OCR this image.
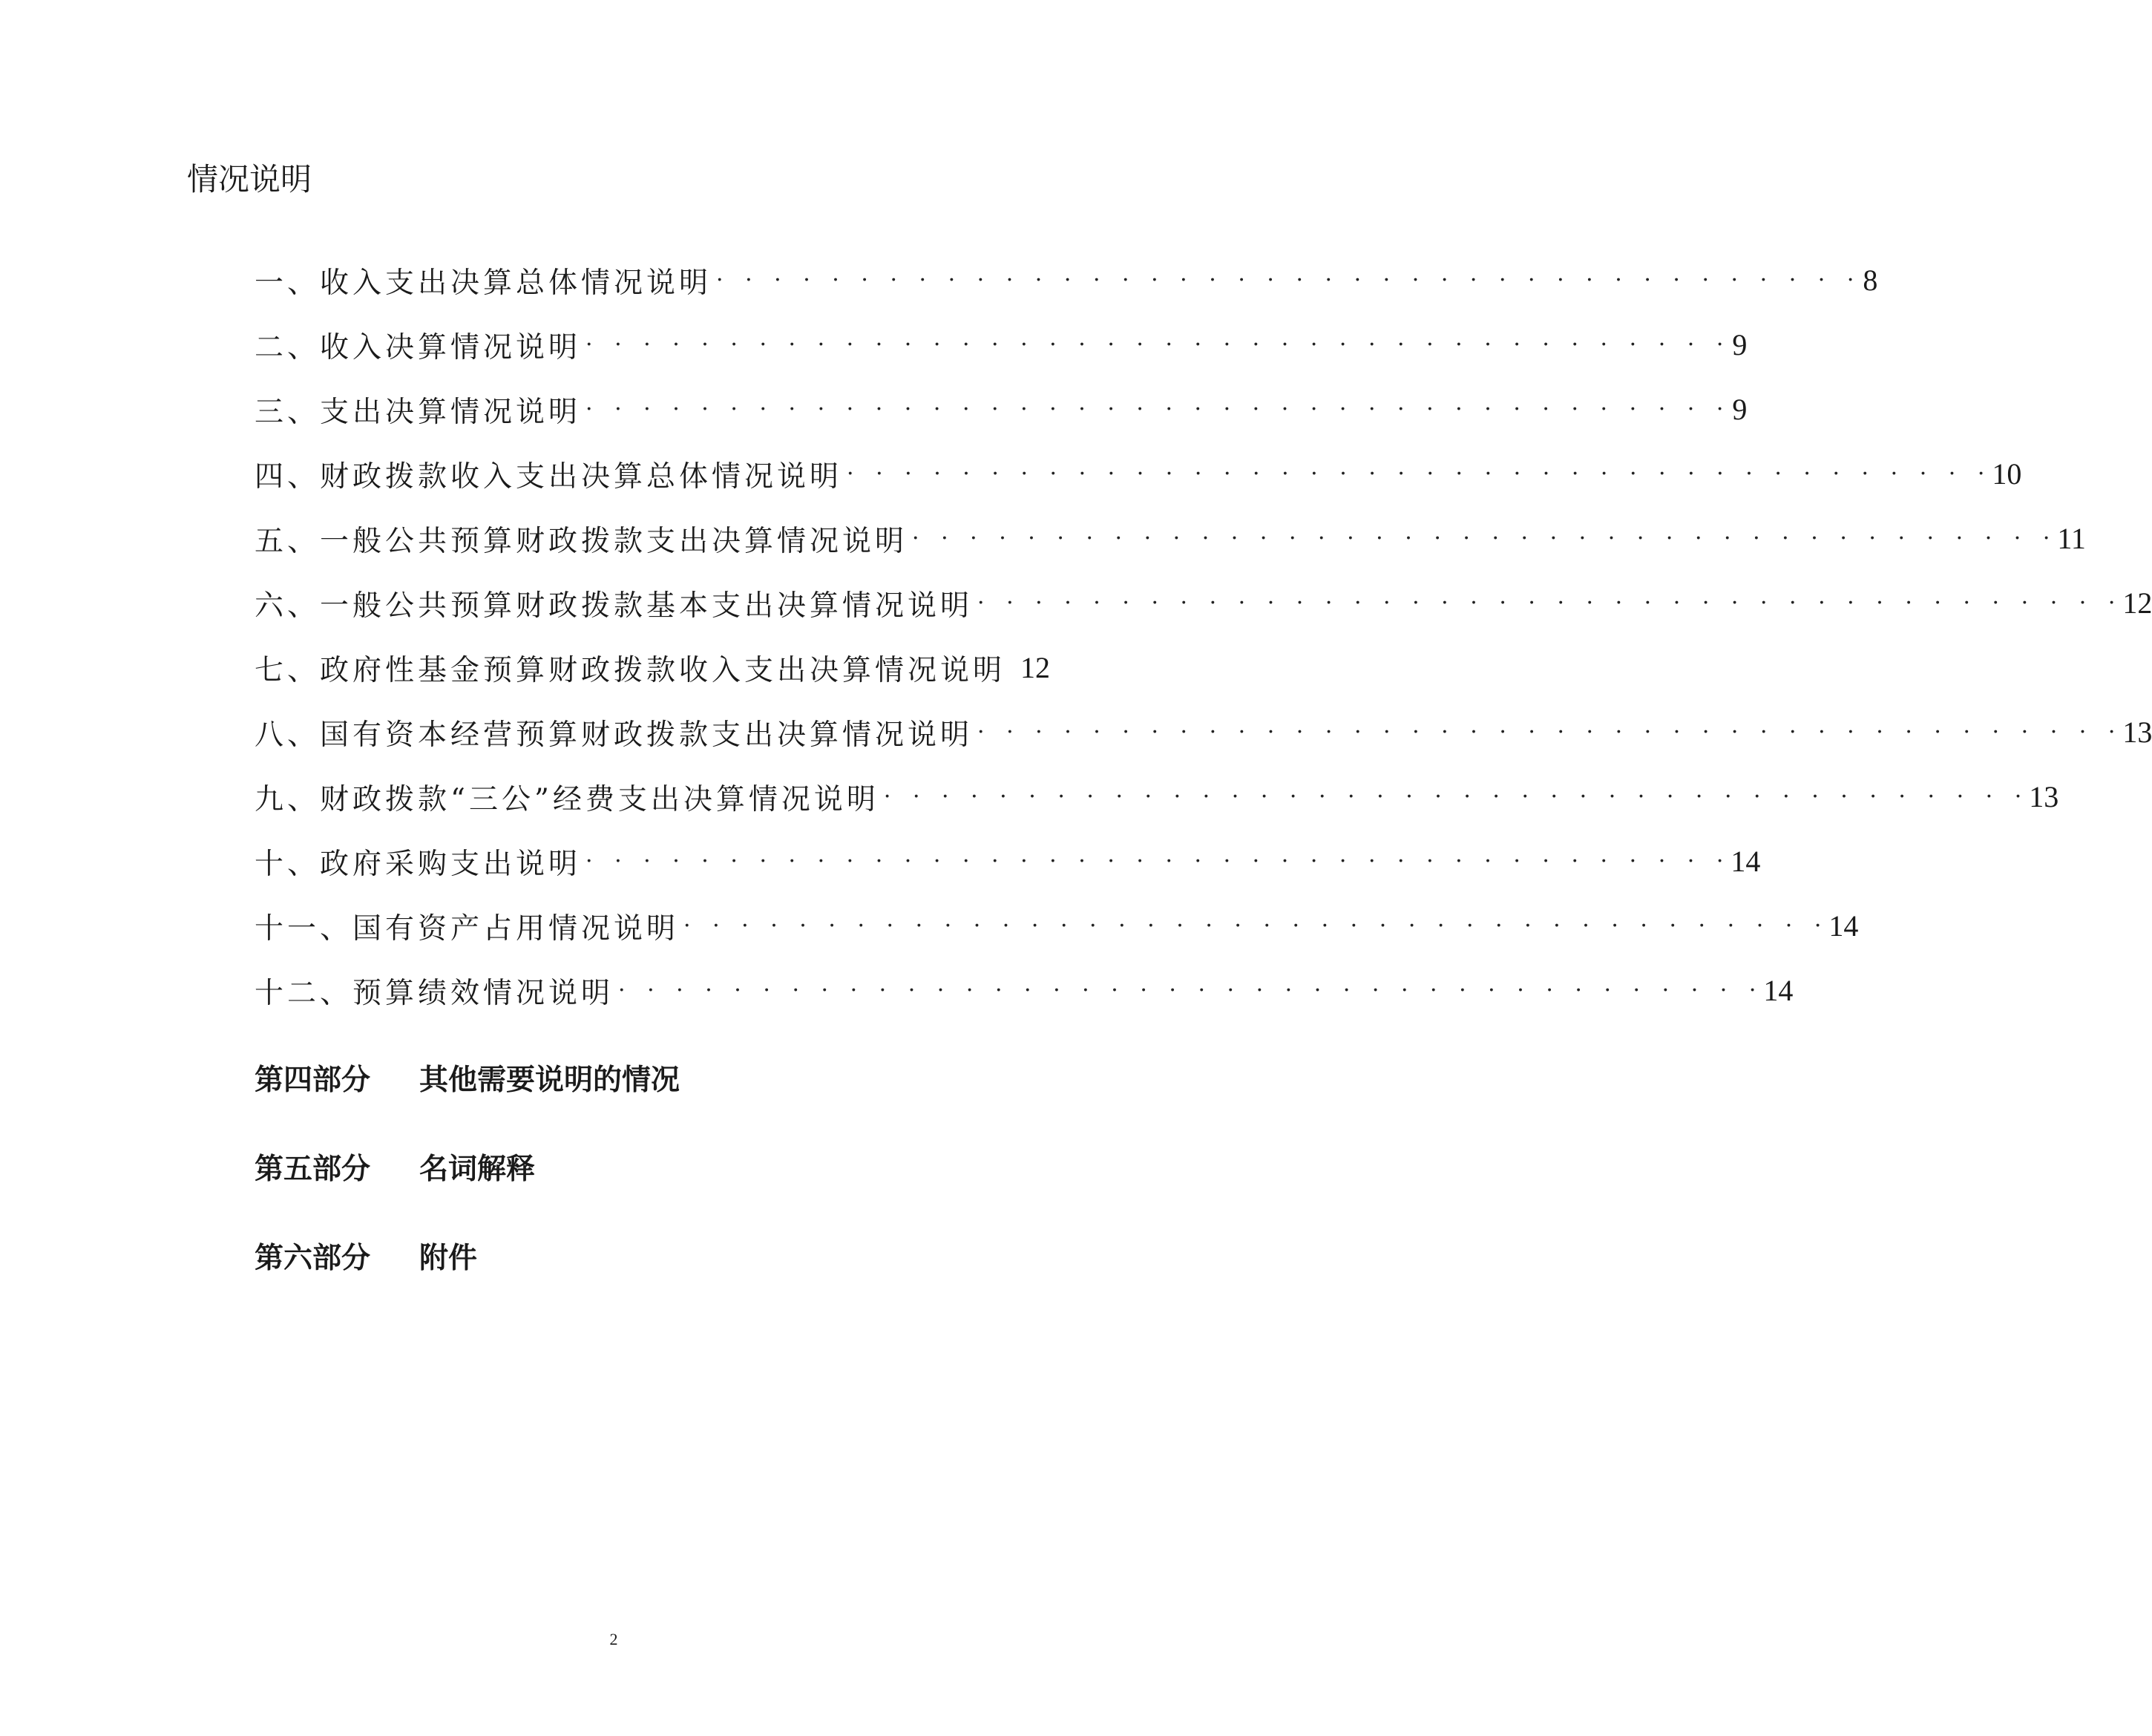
情况说明
一、收入支出决算总体情况说明 · · · · · · · · · · · · · · · · · · · · · · · · · · · · · · · · · · · · · · · · 8
二、收入决算情况说明 · · · · · · · · · · · · · · · · · · · · · · · · · · · · · · · · · · · · · · · · 9
三、支出决算情况说明 · · · · · · · · · · · · · · · · · · · · · · · · · · · · · · · · · · · · · · · · 9
四、财政拨款收入支出决算总体情况说明 · · · · · · · · · · · · · · · · · · · · · · · · · · · · · · · · · · · · · · · · 10
五、一般公共预算财政拨款支出决算情况说明 · · · · · · · · · · · · · · · · · · · · · · · · · · · · · · · · · · · · · · · · 11
六、一般公共预算财政拨款基本支出决算情况说明 · · · · · · · · · · · · · · · · · · · · · · · · · · · · · · · · · · · · · · · · 12
七、政府性基金预算财政拨款收入支出决算情况说明 12
八、国有资本经营预算财政拨款支出决算情况说明 · · · · · · · · · · · · · · · · · · · · · · · · · · · · · · · · · · · · · · · · 13
九、财政拨款“三公”经费支出决算情况说明 · · · · · · · · · · · · · · · · · · · · · · · · · · · · · · · · · · · · · · · · 13
十、政府采购支出说明 · · · · · · · · · · · · · · · · · · · · · · · · · · · · · · · · · · · · · · · · 14
十一、国有资产占用情况说明 · · · · · · · · · · · · · · · · · · · · · · · · · · · · · · · · · · · · · · · · 14
十二、预算绩效情况说明 · · · · · · · · · · · · · · · · · · · · · · · · · · · · · · · · · · · · · · · · 14
第四部分	其他需要说明的情况
第五部分	名词解释
第六部分	附件
2
